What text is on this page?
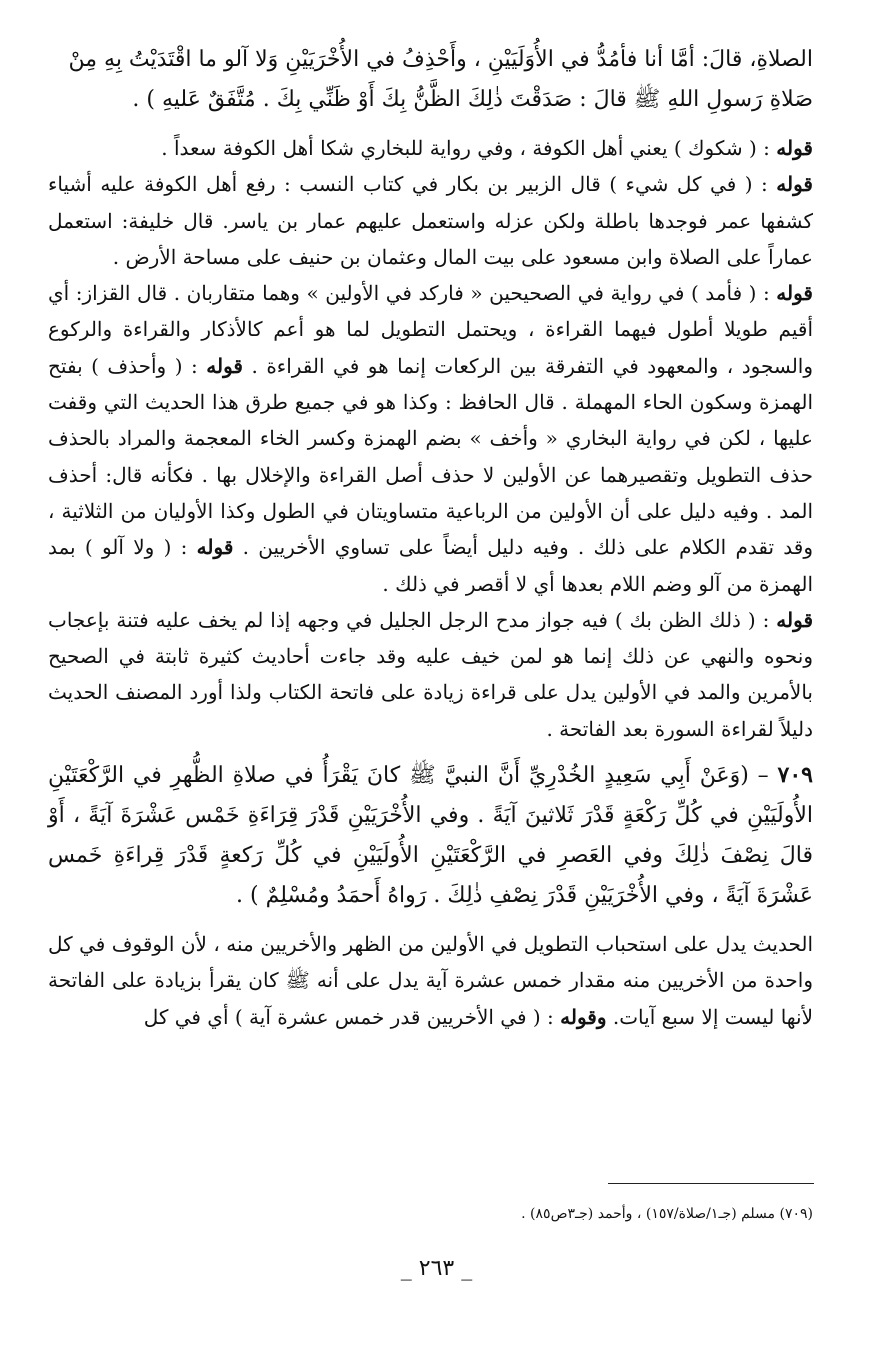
الصلاةِ، قالَ: أمَّا أنا فأمُدُّ في الأُوَلَيَيْنِ ، وأَحْذِفُ في الأُخْرَيَيْنِ وَلا آلو ما اقْتَدَيْتُ بِهِ مِنْ

صَلاةِ رَسولِ اللهِ ﷺ قالَ : صَدَقْتَ ذٰلِكَ الظَّنُّ بِكَ أَوْ ظَنِّي بِكَ . مُتَّفَقٌ عَليهِ ) .

قوله : ( شكوك ) يعني أهل الكوفة ، وفي رواية للبخاري شكا أهل الكوفة سعداً .

قوله : ( في كل شيء ) قال الزبير بن بكار في كتاب النسب : رفع أهل الكوفة عليه أشياء كشفها عمر فوجدها باطلة ولكن عزله واستعمل عليهم عمار بن ياسر. قال خليفة: استعمل عماراً على الصلاة وابن مسعود على بيت المال وعثمان بن حنيف على مساحة الأرض .

قوله : ( فأمد ) في رواية في الصحيحين « فاركد في الأولين » وهما متقاربان . قال القزاز: أي أقيم طويلا أطول فيهما القراءة ، ويحتمل التطويل لما هو أعم كالأذكار والقراءة والركوع والسجود ، والمعهود في التفرقة بين الركعات إنما هو في القراءة . قوله : ( وأحذف ) بفتح الهمزة وسكون الحاء المهملة . قال الحافظ : وكذا هو في جميع طرق هذا الحديث التي وقفت عليها ، لكن في رواية البخاري « وأخف » بضم الهمزة وكسر الخاء المعجمة والمراد بالحذف حذف التطويل وتقصيرهما عن الأولين لا حذف أصل القراءة والإخلال بها . فكأنه قال: أحذف المد . وفيه دليل على أن الأولين من الرباعية متساويتان في الطول وكذا الأوليان من الثلاثية ، وقد تقدم الكلام على ذلك . وفيه دليل أيضاً على تساوي الأخريين . قوله : ( ولا آلو ) بمد الهمزة من آلو وضم اللام بعدها أي لا أقصر في ذلك .

قوله : ( ذلك الظن بك ) فيه جواز مدح الرجل الجليل في وجهه إذا لم يخف عليه فتنة بإعجاب ونحوه والنهي عن ذلك إنما هو لمن خيف عليه وقد جاءت أحاديث كثيرة ثابتة في الصحيح بالأمرين والمد في الأولين يدل على قراءة زيادة على فاتحة الكتاب ولذا أورد المصنف الحديث دليلاً لقراءة السورة بعد الفاتحة .

٧٠٩ – (وَعَنْ أَبِي سَعِيدٍ الخُدْرِيِّ أَنَّ النبيَّ ﷺ كانَ يَقْرَأُ في صلاةِ الظُّهرِ في الرَّكْعَتَيْنِ الأُولَيَيْنِ في كُلِّ رَكْعَةٍ قَدْرَ ثَلاثينَ آيَةً . وفي الأُخْرَيَيْنِ قَدْرَ قِرَاءَةِ خَمْس عَشْرَةَ آيَةً ، أَوْ قالَ نِصْفَ ذٰلِكَ وفي العَصرِ في الرَّكْعَتَيْنِ الأُولَيَيْنِ في كُلِّ رَكعةٍ قَدْرَ قِراءَةِ خَمس عَشْرَةَ آيَةً ، وفي الأُخْرَيَيْنِ قَدْرَ نِصْفِ ذٰلِكَ . رَواهُ أَحمَدُ ومُسْلِمٌ ) .

الحديث يدل على استحباب التطويل في الأولين من الظهر والأخريين منه ، لأن الوقوف في كل واحدة من الأخريين منه مقدار خمس عشرة آية يدل على أنه ﷺ كان يقرأ بزيادة على الفاتحة لأنها ليست إلا سبع آيات. وقوله : ( في الأخريين قدر خمس عشرة آية ) أي في كل

(٧٠٩) مسلم (جـ١/صلاة/١٥٧) ، وأحمد (جـ٣ص٨٥) .
_ ٢٦٣ _
